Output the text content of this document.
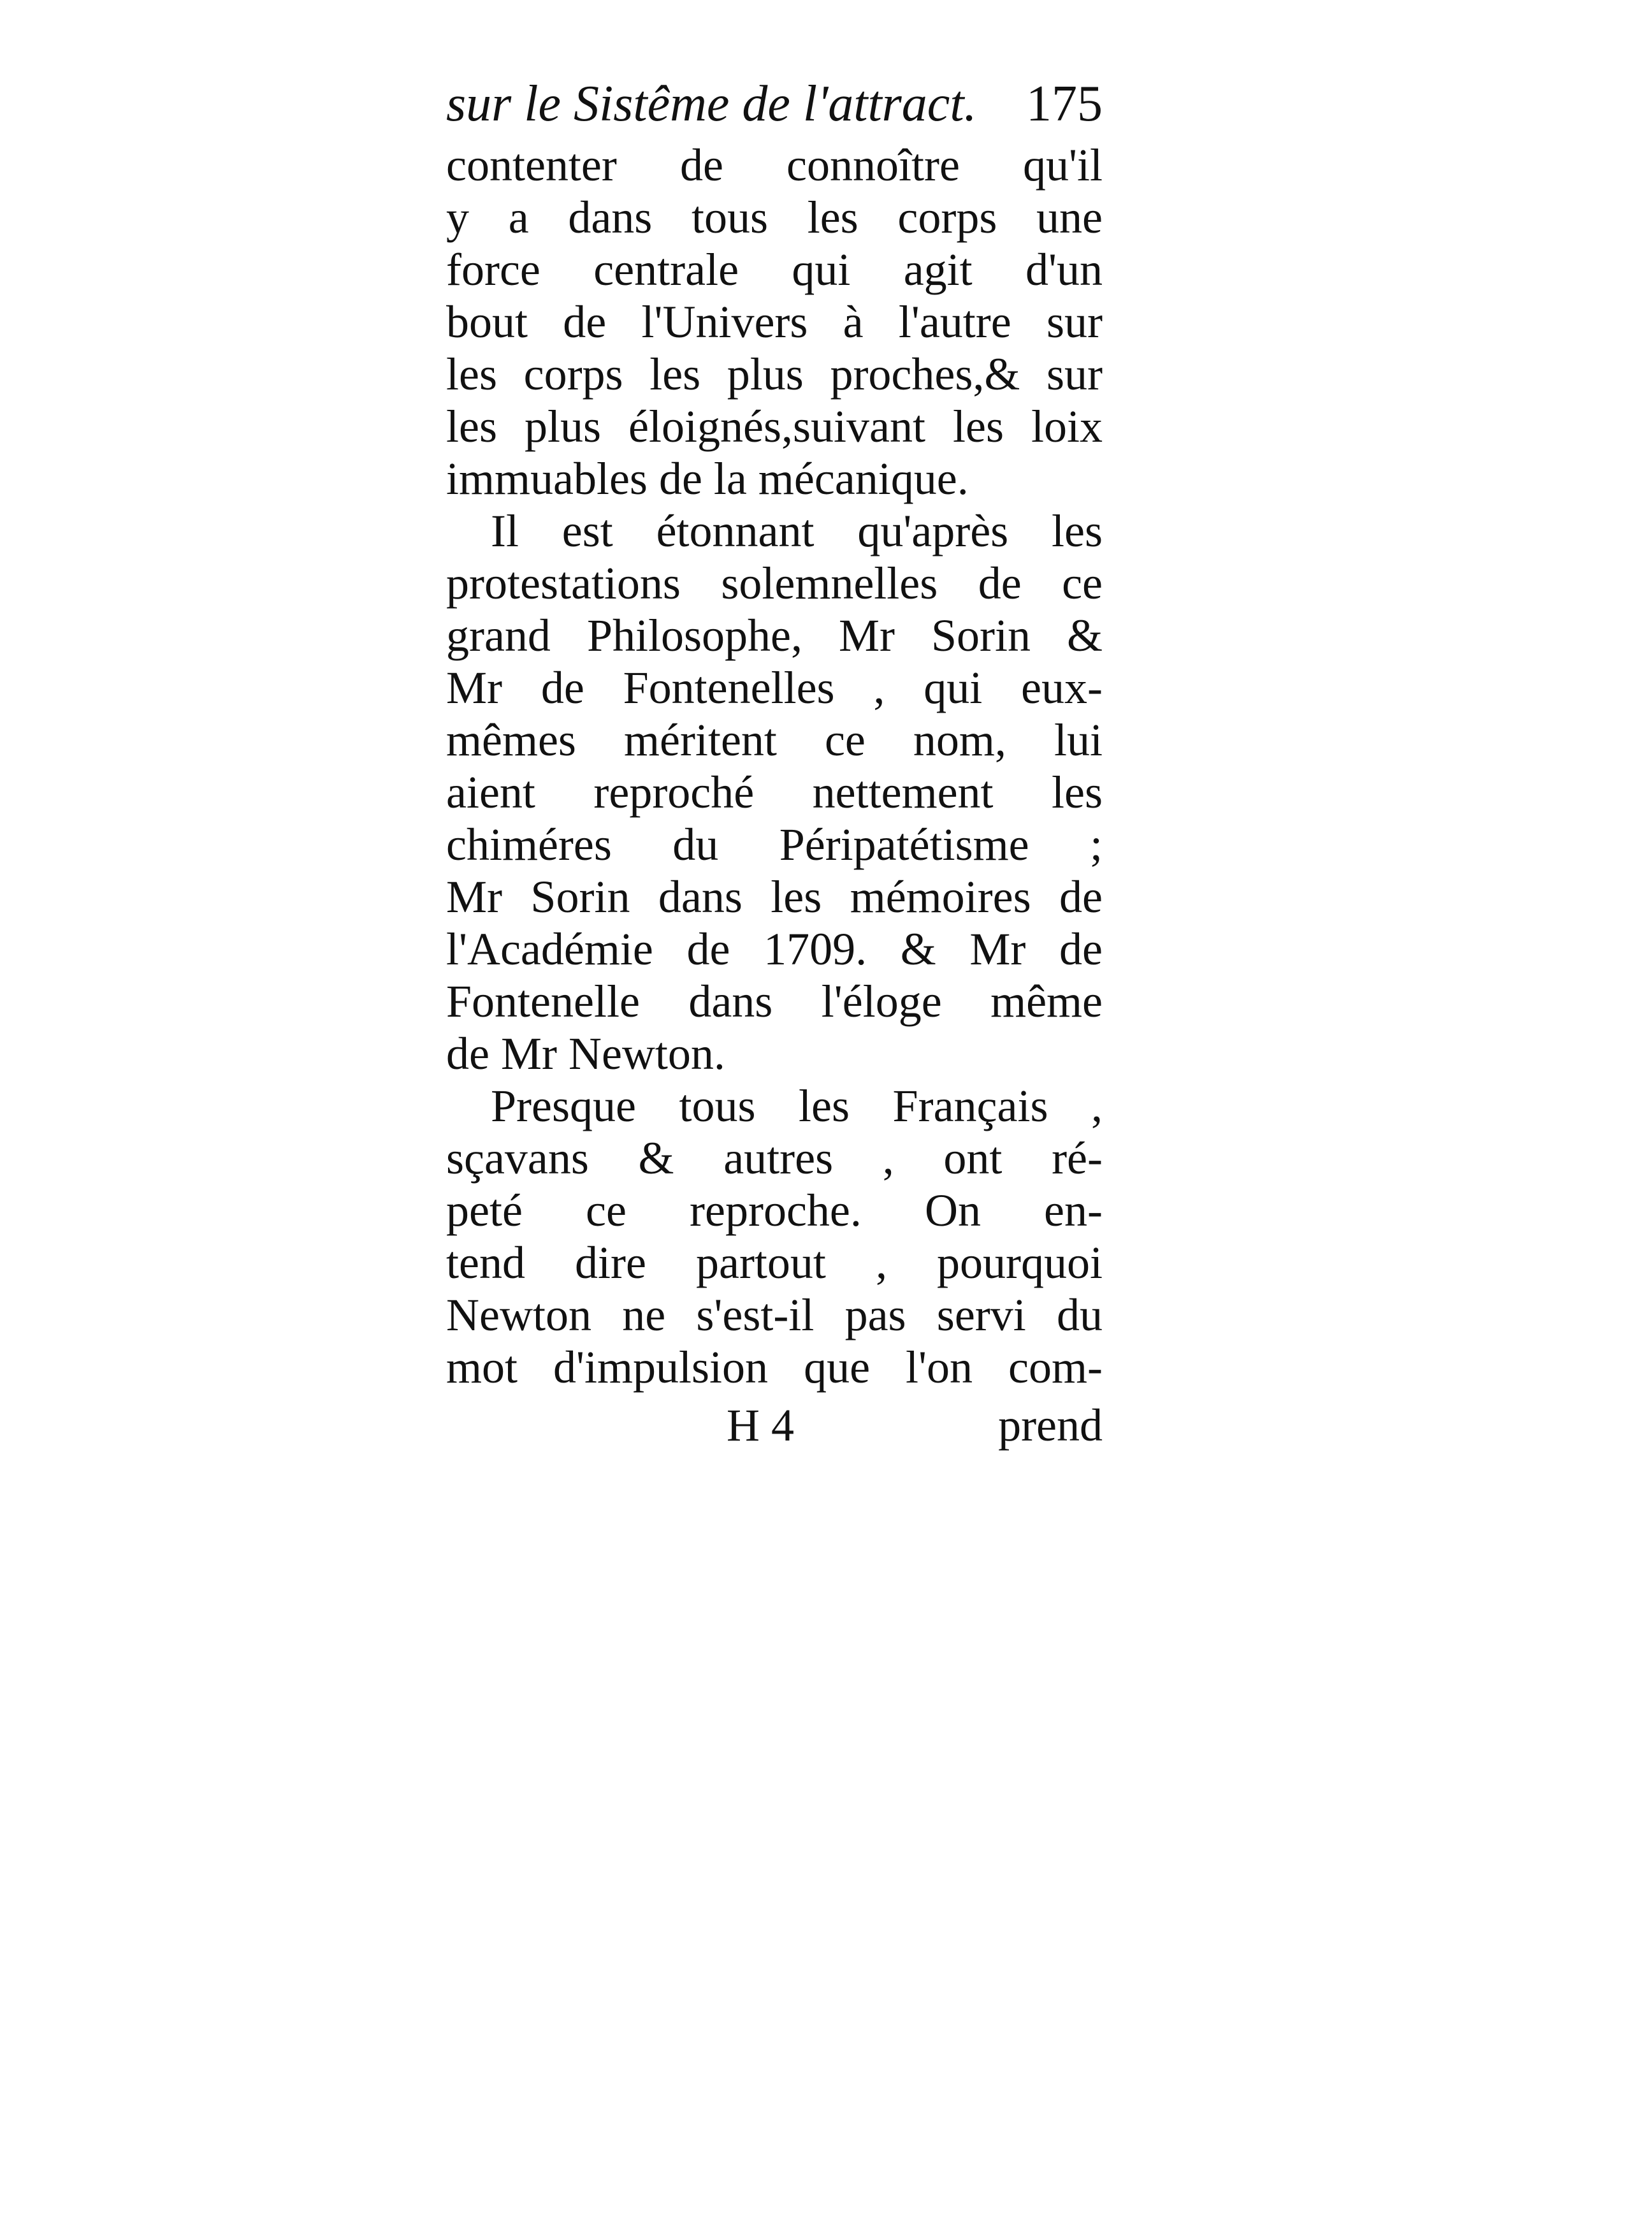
sur le Sistême de l'attract. 175
contenter de connoître qu'il
y a dans tous les corps une
force centrale qui agit d'un
bout de l'Univers à l'autre sur
les corps les plus proches,& sur
les plus éloignés,suivant les loix
immuables de la mécanique.
Il est étonnant qu'après les
protestations solemnelles de ce
grand Philosophe, Mr Sorin &
Mr de Fontenelles , qui eux-
mêmes méritent ce nom, lui
aient reproché nettement les
chiméres du Péripatétisme ;
Mr Sorin dans les mémoires de
l'Académie de 1709. & Mr de
Fontenelle dans l'éloge même
de Mr Newton.
Presque tous les Français ,
sçavans & autres , ont ré-
peté ce reproche. On en-
tend dire partout , pourquoi
Newton ne s'est-il pas servi du
mot d'impulsion que l'on com-
H 4	prend
